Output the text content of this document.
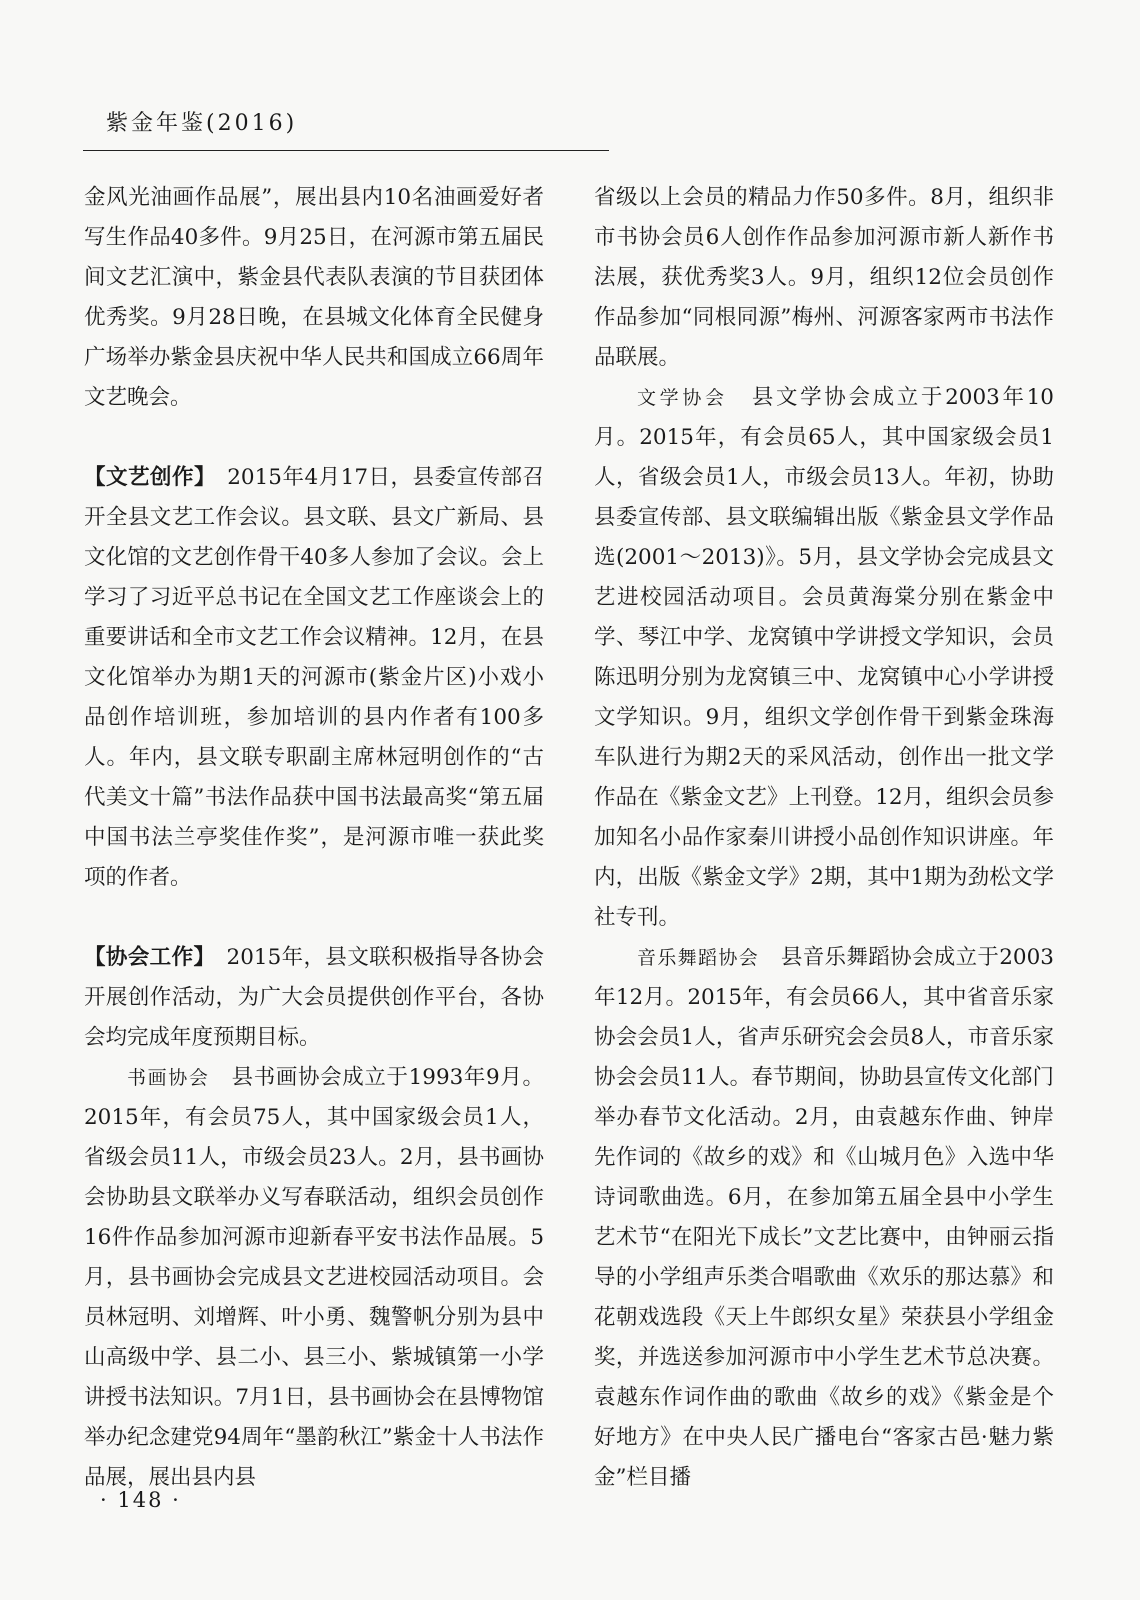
紫金年鉴(2016)

金风光油画作品展”，展出县内10名油画爱好者写生作品40多件。9月25日，在河源市第五届民间文艺汇演中，紫金县代表队表演的节目获团体优秀奖。9月28日晚，在县城文化体育全民健身广场举办紫金县庆祝中华人民共和国成立66周年文艺晚会。

【文艺创作】　 2015年4月17日，县委宣传部召开全县文艺工作会议。县文联、县文广新局、县文化馆的文艺创作骨干40多人参加了会议。会上学习了习近平总书记在全国文艺工作座谈会上的重要讲话和全市文艺工作会议精神。12月，在县文化馆举办为期1天的河源市(紫金片区)小戏小品创作培训班，参加培训的县内作者有100多人。年内，县文联专职副主席林冠明创作的“古代美文十篇”书法作品获中国书法最高奖“第五届中国书法兰亭奖佳作奖”，是河源市唯一获此奖项的作者。

【协会工作】　 2015年，县文联积极指导各协会开展创作活动，为广大会员提供创作平台，各协会均完成年度预期目标。

书画协会　 县书画协会成立于1993年9月。2015年，有会员75人，其中国家级会员1人，省级会员11人，市级会员23人。2月，县书画协会协助县文联举办义写春联活动，组织会员创作16件作品参加河源市迎新春平安书法作品展。5月，县书画协会完成县文艺进校园活动项目。会员林冠明、刘增辉、叶小勇、魏警帆分别为县中山高级中学、县二小、县三小、紫城镇第一小学讲授书法知识。7月1日，县书画协会在县博物馆举办纪念建党94周年“墨韵秋江”紫金十人书法作品展，展出县内县

省级以上会员的精品力作50多件。8月，组织非市书协会员6人创作作品参加河源市新人新作书法展，获优秀奖3人。9月，组织12位会员创作作品参加“同根同源”梅州、河源客家两市书法作品联展。

文学协会　 县文学协会成立于2003年10月。2015年，有会员65人，其中国家级会员1人，省级会员1人，市级会员13人。年初，协助县委宣传部、县文联编辑出版《紫金县文学作品选(2001～2013)》。5月，县文学协会完成县文艺进校园活动项目。会员黄海棠分别在紫金中学、琴江中学、龙窝镇中学讲授文学知识，会员陈迅明分别为龙窝镇三中、龙窝镇中心小学讲授文学知识。9月，组织文学创作骨干到紫金珠海车队进行为期2天的采风活动，创作出一批文学作品在《紫金文艺》上刊登。12月，组织会员参加知名小品作家秦川讲授小品创作知识讲座。年内，出版《紫金文学》2期，其中1期为劲松文学社专刊。

音乐舞蹈协会　 县音乐舞蹈协会成立于2003年12月。2015年，有会员66人，其中省音乐家协会会员1人，省声乐研究会会员8人，市音乐家协会会员11人。春节期间，协助县宣传文化部门举办春节文化活动。2月，由袁越东作曲、钟岸先作词的《故乡的戏》和《山城月色》入选中华诗词歌曲选。6月，在参加第五届全县中小学生艺术节“在阳光下成长”文艺比赛中，由钟丽云指导的小学组声乐类合唱歌曲《欢乐的那达慕》和花朝戏选段《天上牛郎织女星》荣获县小学组金奖，并选送参加河源市中小学生艺术节总决赛。袁越东作词作曲的歌曲《故乡的戏》《紫金是个好地方》在中央人民广播电台“客家古邑·魅力紫金”栏目播

· 148 ·
